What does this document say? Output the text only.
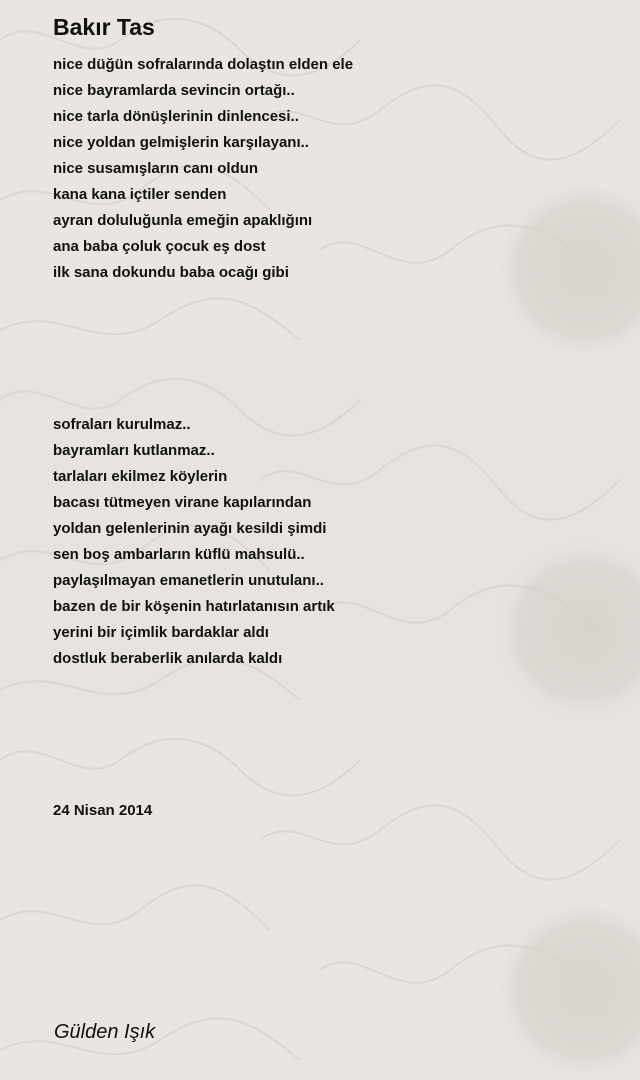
Bakır Tas
nice düğün sofralarında dolaştın elden ele
nice bayramlarda sevincin ortağı..
nice tarla dönüşlerinin dinlencesi..
nice yoldan gelmişlerin karşılayanı..
nice susamışların canı oldun
kana kana içtiler senden
ayran doluluğunla emeğin apaklığını
ana baba çoluk çocuk eş dost
ilk sana dokundu baba ocağı gibi
sofraları kurulmaz..
bayramları kutlanmaz..
tarlaları ekilmez köylerin
bacası tütmeyen virane kapılarından
yoldan gelenlerinin ayağı kesildi şimdi
sen boş ambarların küflü mahsulü..
paylaşılmayan emanetlerin unutulanı..
bazen de bir köşenin hatırlatanısın artık
yerini bir içimlik bardaklar aldı
dostluk beraberlik anılarda kaldı
24 Nisan 2014
Gülden Işık
